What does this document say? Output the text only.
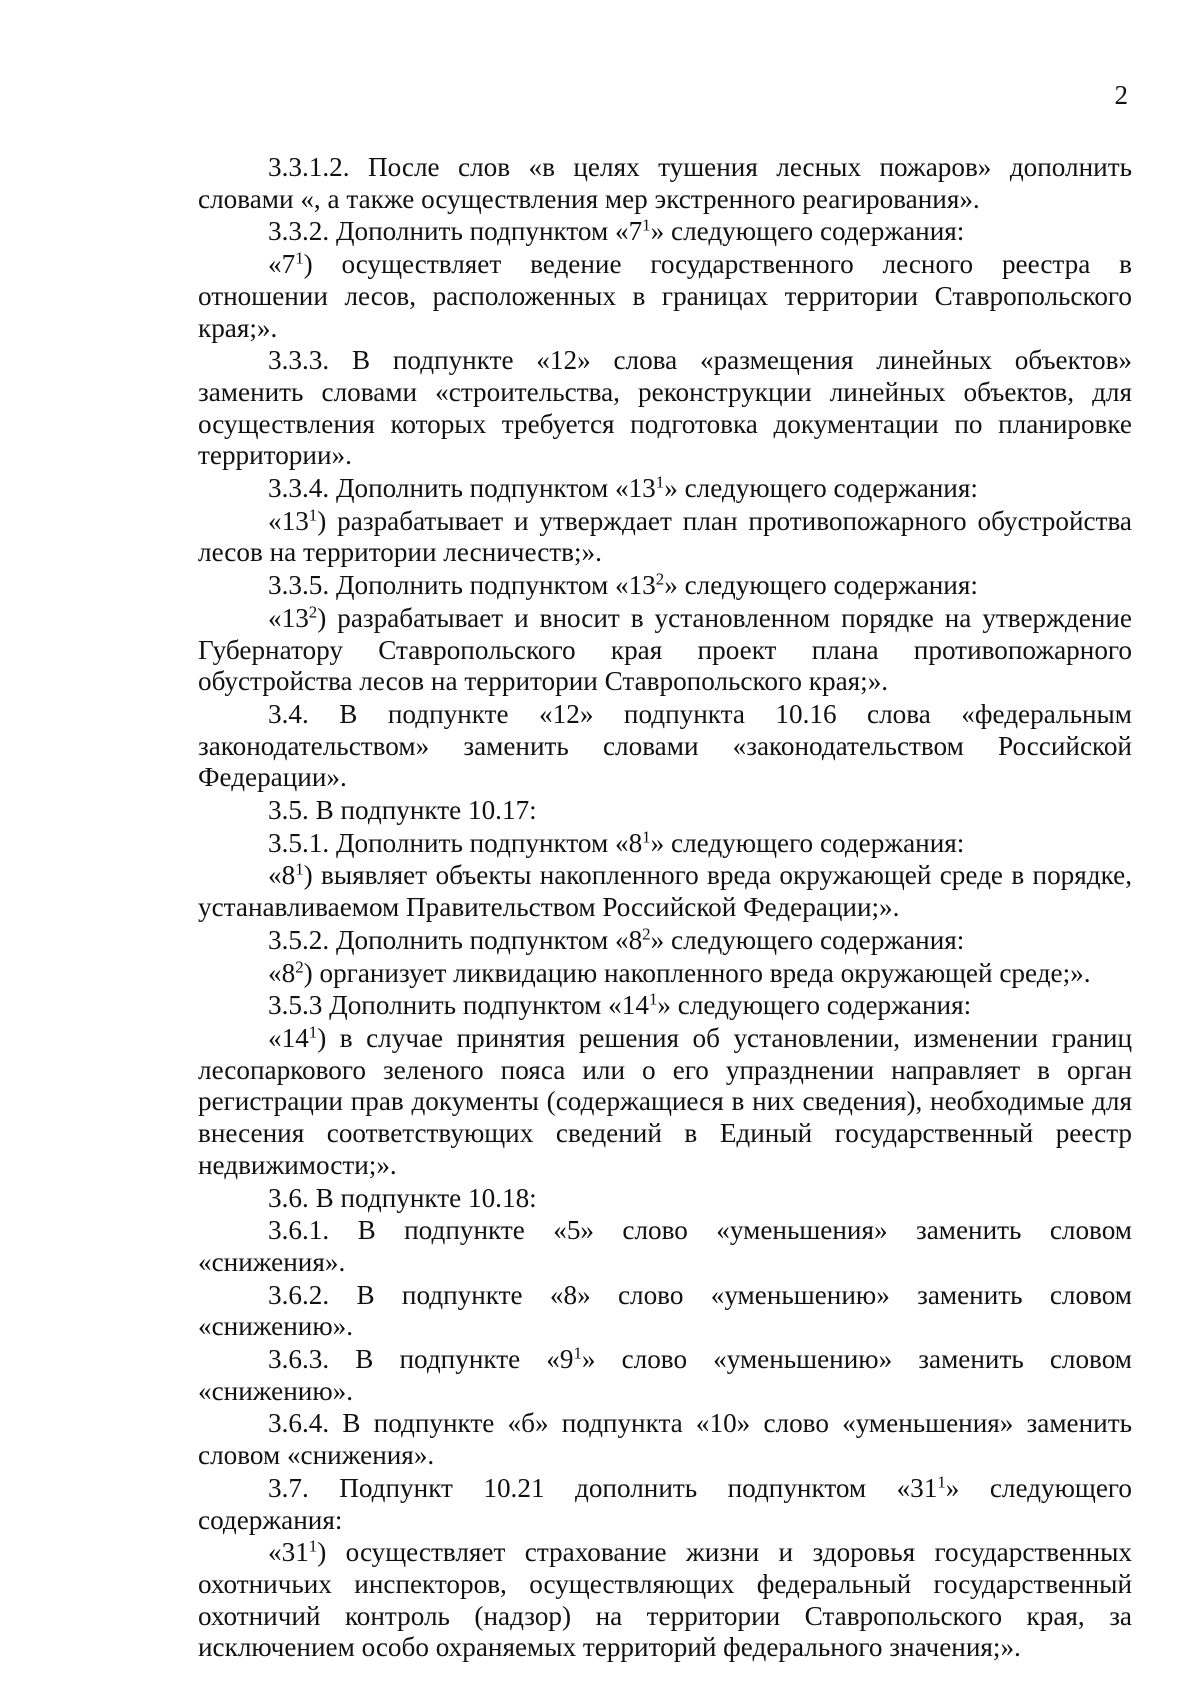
2

3.3.1.2. После слов «в целях тушения лесных пожаров» дополнить словами «, а также осуществления мер экстренного реагирования».

3.3.2. Дополнить подпунктом «$7^1$» следующего содержания:

«$7^1$) осуществляет ведение государственного лесного реестра в отношении лесов, расположенных в границах территории Ставропольского края;».

3.3.3. В подпункте «12» слова «размещения линейных объектов» заменить словами «строительства, реконструкции линейных объектов, для осуществления которых требуется подготовка документации по планировке территории».

3.3.4. Дополнить подпунктом «$13^1$» следующего содержания:

«$13^1$) разрабатывает и утверждает план противопожарного обустройства лесов на территории лесничеств;».

3.3.5. Дополнить подпунктом «$13^2$» следующего содержания:

«$13^2$) разрабатывает и вносит в установленном порядке на утверждение Губернатору Ставропольского края проект плана противопожарного обустройства лесов на территории Ставропольского края;».

3.4. В подпункте «12» подпункта 10.16 слова «федеральным законодательством» заменить словами «законодательством Российской Федерации».

3.5. В подпункте 10.17:

3.5.1. Дополнить подпунктом «$8^1$» следующего содержания:

«$8^1$) выявляет объекты накопленного вреда окружающей среде в порядке, устанавливаемом Правительством Российской Федерации;».

3.5.2. Дополнить подпунктом «$8^2$» следующего содержания:

«$8^2$) организует ликвидацию накопленного вреда окружающей среде;».

3.5.3 Дополнить подпунктом «$14^1$» следующего содержания:

«$14^1$) в случае принятия решения об установлении, изменении границ лесопаркового зеленого пояса или о его упразднении направляет в орган регистрации прав документы (содержащиеся в них сведения), необходимые для внесения соответствующих сведений в Единый государственный реестр недвижимости;».

3.6. В подпункте 10.18:

3.6.1. В подпункте «5» слово «уменьшения» заменить словом «снижения».

3.6.2. В подпункте «8» слово «уменьшению» заменить словом «снижению».

3.6.3. В подпункте «$9^1$» слово «уменьшению» заменить словом «снижению».

3.6.4. В подпункте «б» подпункта «10» слово «уменьшения» заменить словом «снижения».

3.7. Подпункт 10.21 дополнить подпунктом «$31^1$» следующего содержания:

«$31^1$) осуществляет страхование жизни и здоровья государственных охотничьих инспекторов, осуществляющих федеральный государственный охотничий контроль (надзор) на территории Ставропольского края, за исключением особо охраняемых территорий федерального значения;».
